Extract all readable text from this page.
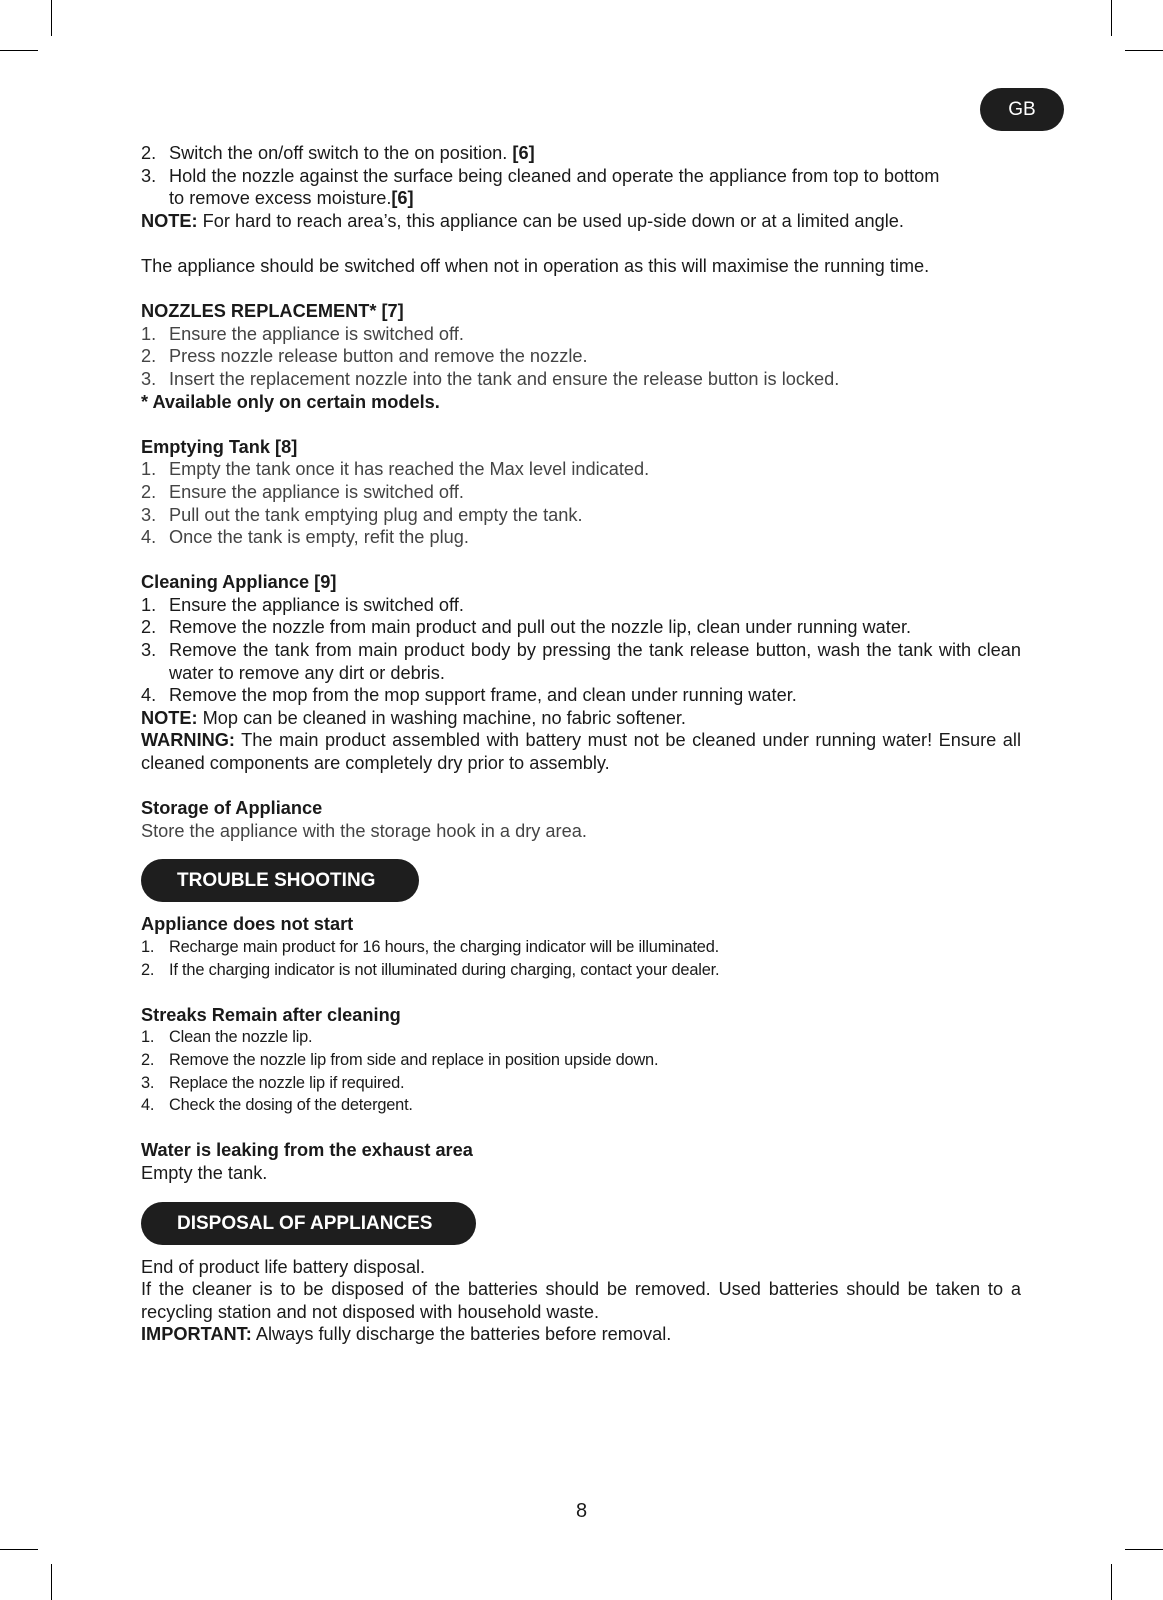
GB
2. Switch the on/off switch to the on position. [6]
3. Hold the nozzle against the surface being cleaned and operate the appliance from top to bottom
to remove excess moisture.[6]

NOTE: For hard to reach area’s, this appliance can be used up-side down or at a limited angle.

The appliance should be switched off when not in operation as this will maximise the running time.

NOZZLES REPLACEMENT* [7]

1. Ensure the appliance is switched off.
2. Press nozzle release button and remove the nozzle.
3. Insert the replacement nozzle into the tank and ensure the release button is locked.

* Available only on certain models.

Emptying Tank [8]

1. Empty the tank once it has reached the Max level indicated.
2. Ensure the appliance is switched off.
3. Pull out the tank emptying plug and empty the tank.
4. Once the tank is empty, refit the plug.

Cleaning Appliance [9]

1. Ensure the appliance is switched off.
2. Remove the nozzle from main product and pull out the nozzle lip, clean under running water.
3. Remove the tank from main product body by pressing the tank release button, wash the tank with clean water to remove any dirt or debris.
4. Remove the mop from the mop support frame, and clean under running water.

NOTE: Mop can be cleaned in washing machine, no fabric softener.

WARNING: The main product assembled with battery must not be cleaned under running water! Ensure all cleaned components are completely dry prior to assembly.

Storage of Appliance

Store the appliance with the storage hook in a dry area.

TROUBLE SHOOTING

Appliance does not start

1. Recharge main product for 16 hours, the charging indicator will be illuminated.
2. If the charging indicator is not illuminated during charging, contact your dealer.

Streaks Remain after cleaning

1. Clean the nozzle lip.
2. Remove the nozzle lip from side and replace in position upside down.
3. Replace the nozzle lip if required.
4. Check the dosing of the detergent.

Water is leaking from the exhaust area

Empty the tank.

DISPOSAL OF APPLIANCES

End of product life battery disposal.

If the cleaner is to be disposed of the batteries should be removed. Used batteries should be taken to a recycling station and not disposed with household waste.

IMPORTANT: Always fully discharge the batteries before removal.

8
